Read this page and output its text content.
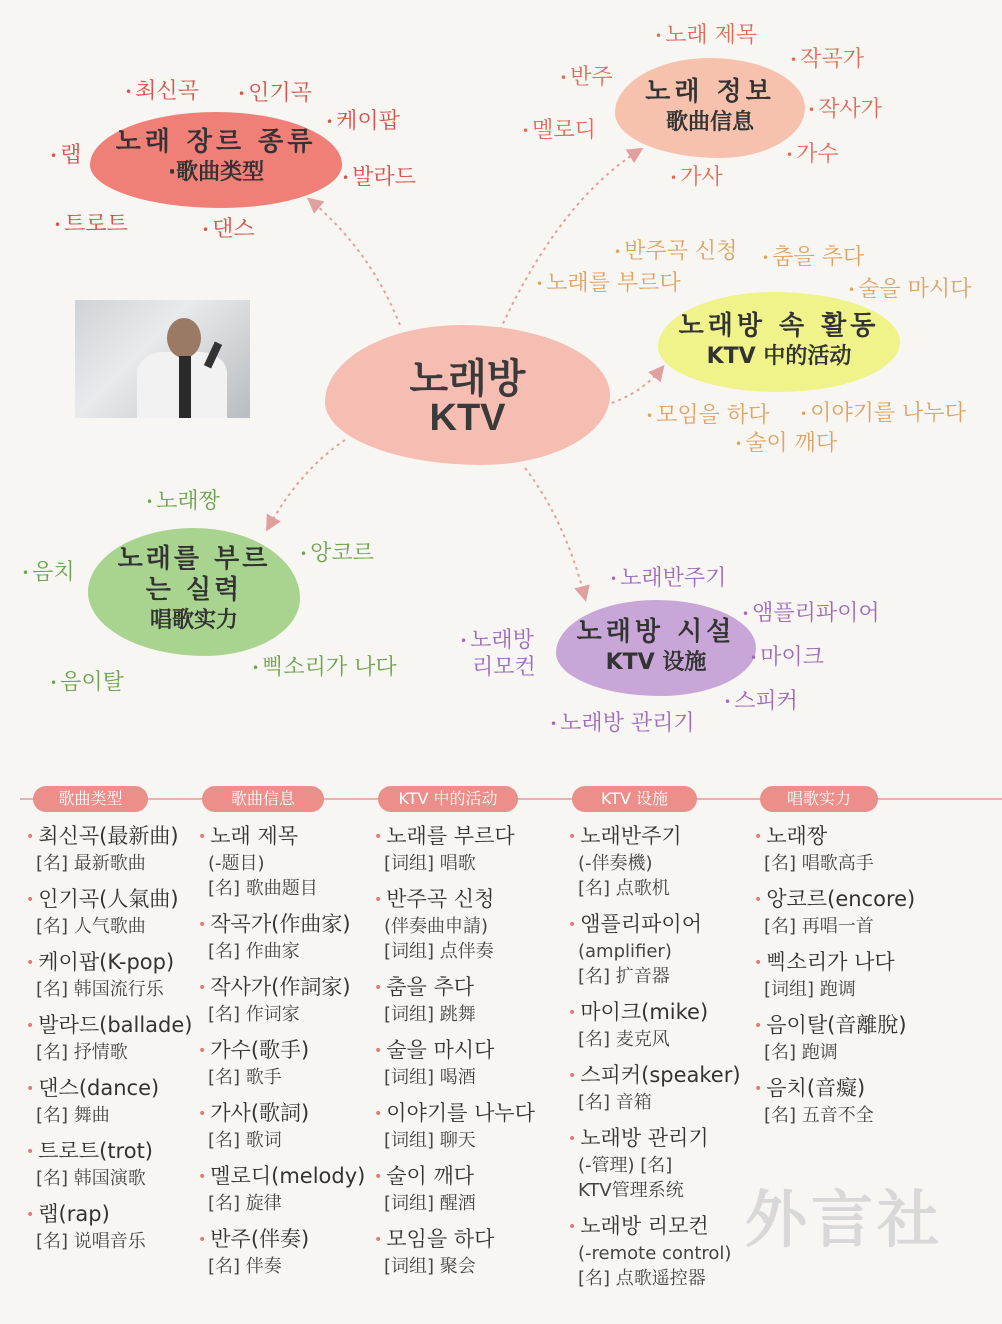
노래방
KTV
노래 장르 종류
·歌曲类型
• 최신곡	• 인기곡
• 케이팝
• 랩
• 발라드
• 트로트	• 댄스
노래 정보
歌曲信息
• 노래 제목
• 반주
• 작곡가
• 작사가
• 멜로디
• 가수
• 가사
노래방 속 활동
KTV 中的活动
• 반주곡 신청	• 춤을 추다
• 노래를 부르다	• 술을 마시다
• 모임을 하다	• 이야기를 나누다
• 술이 깨다
노래를 부르
는 실력
唱歌实力
• 노래짱
• 앙코르
• 음치
• 삑소리가 나다
• 음이탈
노래방 시설
KTV 设施
• 노래반주기
• 앰플리파이어
• 노래방
리모컨	• 마이크
• 스피커
• 노래방 관리기
歌曲类型	歌曲信息	KTV 中的活动	KTV 设施	唱歌实力
• 최신곡(最新曲)
[名] 最新歌曲
• 인기곡(人氣曲)
[名] 人气歌曲
• 케이팝(K-pop)
[名] 韩国流行乐
• 발라드(ballade)
[名] 抒情歌
• 댄스(dance)
[名] 舞曲
• 트로트(trot)
[名] 韩国演歌
• 랩(rap)
[名] 说唱音乐
• 노래 제목
(-题目)
[名] 歌曲题目
• 작곡가(作曲家)
[名] 作曲家
• 작사가(作詞家)
[名] 作词家
• 가수(歌手)
[名] 歌手
• 가사(歌詞)
[名] 歌词
• 멜로디(melody)
[名] 旋律
• 반주(伴奏)
[名] 伴奏
• 노래를 부르다
[词组] 唱歌
• 반주곡 신청
(伴奏曲申請)
[词组] 点伴奏
• 춤을 추다
[词组] 跳舞
• 술을 마시다
[词组] 喝酒
• 이야기를 나누다
[词组] 聊天
• 술이 깨다
[词组] 醒酒
• 모임을 하다
[词组] 聚会
• 노래반주기
(-伴奏機)
[名] 点歌机
• 앰플리파이어
(amplifier)
[名] 扩音器
• 마이크(mike)
[名] 麦克风
• 스피커(speaker)
[名] 音箱
• 노래방 관리기
(-管理) [名]
KTV管理系统
• 노래방 리모컨
(-remote control)
[名] 点歌遥控器
• 노래짱
[名] 唱歌高手
• 앙코르(encore)
[名] 再唱一首
• 삑소리가 나다
[词组] 跑调
• 음이탈(音離脫)
[名] 跑调
• 음치(音癡)
[名] 五音不全
外言社
